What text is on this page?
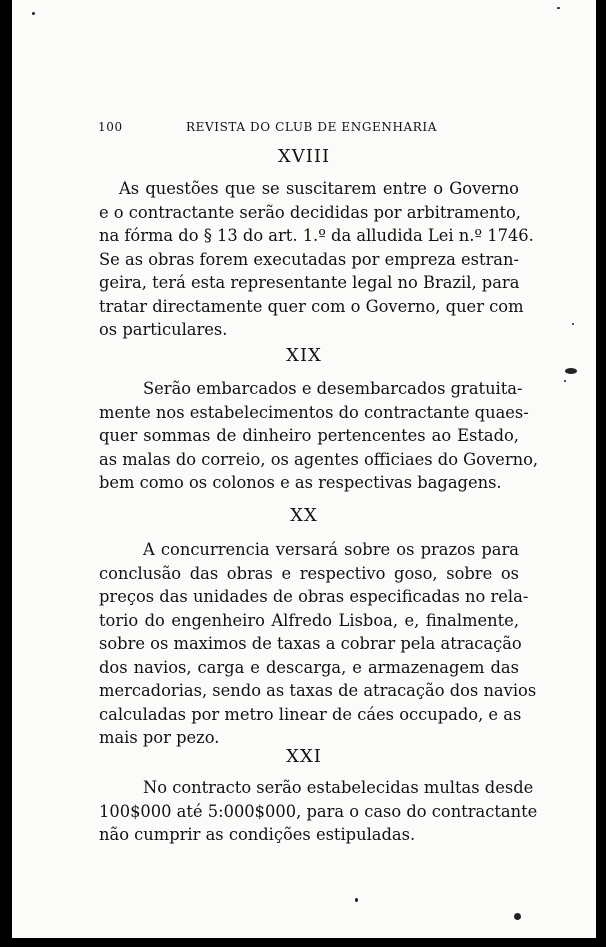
100	REVISTA DO CLUB DE ENGENHARIA
XVIII
As questões que se suscitarem entre o Governo
e o contractante serão decididas por arbitramento,
na fórma do § 13 do art. 1.º da alludida Lei n.º 1746.
Se as obras forem executadas por empreza estran-
geira, terá esta representante legal no Brazil, para
tratar directamente quer com o Governo, quer com
os particulares.
XIX
Serão embarcados e desembarcados gratuita-
mente nos estabelecimentos do contractante quaes-
quer sommas de dinheiro pertencentes ao Estado,
as malas do correio, os agentes officiaes do Governo,
bem como os colonos e as respectivas bagagens.
XX
A concurrencia versará sobre os prazos para
conclusão das obras e respectivo goso, sobre os
preços das unidades de obras especificadas no rela-
torio do engenheiro Alfredo Lisboa, e, finalmente,
sobre os maximos de taxas a cobrar pela atracação
dos navios, carga e descarga, e armazenagem das
mercadorias, sendo as taxas de atracação dos navios
calculadas por metro linear de cáes occupado, e as
mais por pezo.
XXI
No contracto serão estabelecidas multas desde
100$000 até 5:000$000, para o caso do contractante
não cumprir as condições estipuladas.
